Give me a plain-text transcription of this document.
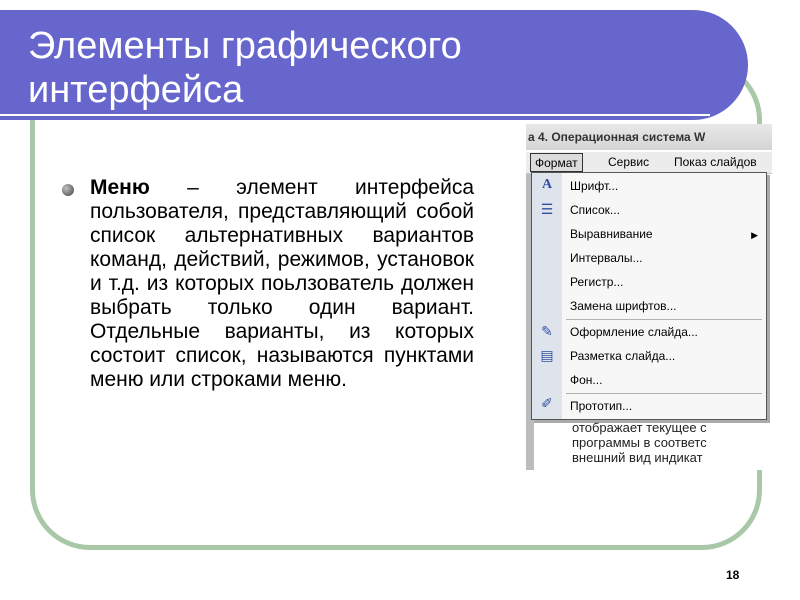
Элементы графического
интерфейса
Меню – элемент интерфейса пользователя, представляющий собой список альтернативных вариантов команд, действий, режимов, установок и т.д. из которых поьлзователь должен выбрать только один вариант. Отдельные варианты, из которых состоит список, называются пунктами меню или строками меню.
а 4. Операционная система W
Формат	Сервис Показ слайдов
A	Шрифт...
☰ Список...
Выравнивание	▶
Интервалы...
Регистр...
Замена шрифтов...
✎ Оформление слайда...
▤ Разметка слайда...
Фон...
✐ Прототип...
отображает текущее с
программы в соответс
внешний вид индикат
18
